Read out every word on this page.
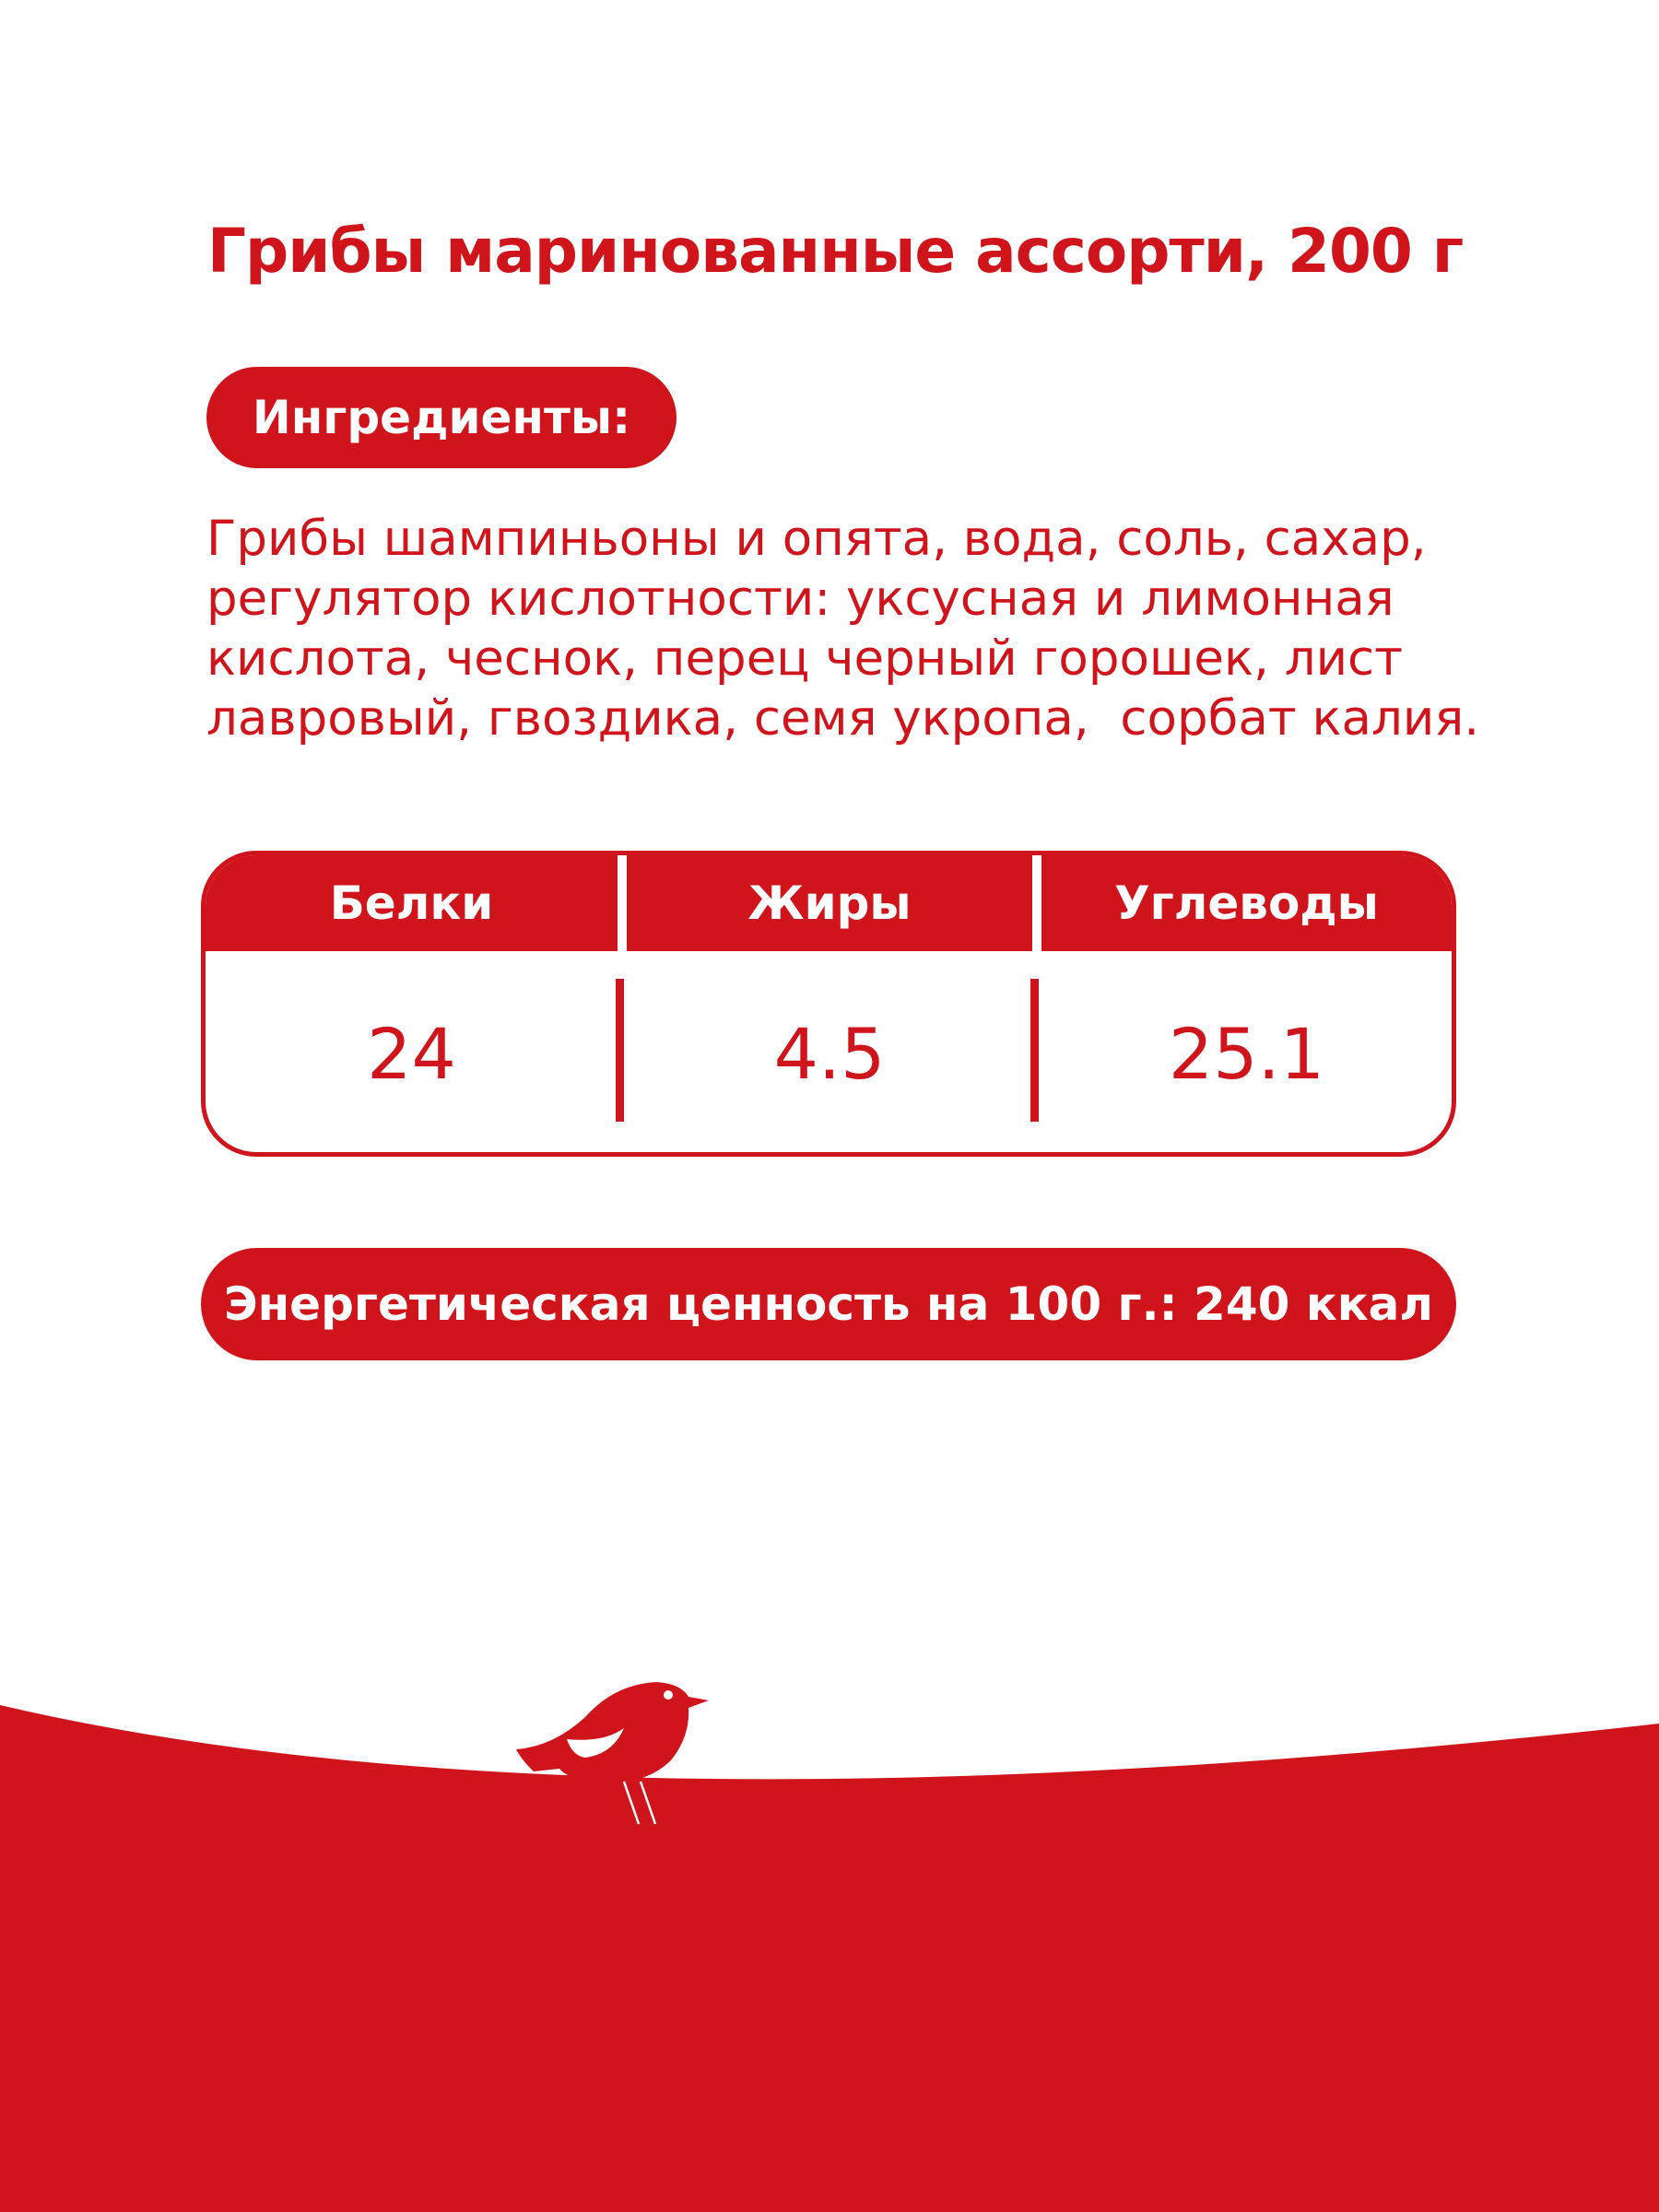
Грибы маринованные ассорти, 200 г
Ингредиенты:

Грибы шампиньоны и опята, вода, соль, сахар,
регулятор кислотности: уксусная и лимонная
кислота, чеснок, перец черный горошек, лист
лавровый, гвоздика, семя укропа,  сорбат калия.

Белки	Жиры	Углеводы
24	4.5	25.1
Энергетическая ценность на 100 г.: 240 ккал
